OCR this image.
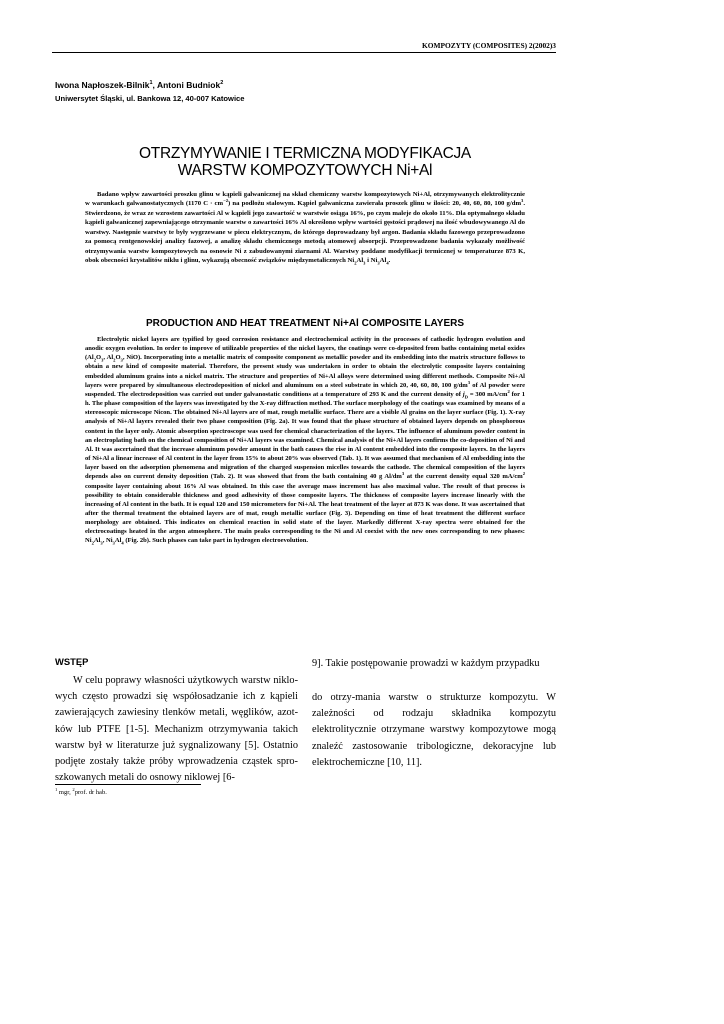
KOMPOZYTY (COMPOSITES) 2(2002)3
Iwona Napłoszek-Bilnik$^1$, Antoni Budniok$^2$
Uniwersytet Śląski, ul. Bankowa 12, 40-007 Katowice
OTRZYMYWANIE I TERMICZNA MODYFIKACJA
WARSTW KOMPOZYTOWYCH Ni+Al

Badano wpływ zawartości proszku glinu w kąpieli galwanicznej na skład chemiczny warstw kompozytowych Ni+Al, otrzymywanych elektrolitycznie w warunkach galwanostatycznych (1170 $C \cdot cm^{-2}$) na podłożu stalowym. Kąpiel galwaniczna zawierała proszek glinu w ilości: 20, 40, 60, 80, 100 $g/dm^3$. Stwierdzono, że wraz ze wzrostem zawartości Al w kąpieli jego zawartość w warstwie osiąga 16%, po czym maleje do około 11%. Dla optymalnego składu kąpieli galwanicznej zapewniającego otrzymanie warstw o zawartości 16% Al określono wpływ wartości gęstości prądowej na ilość wbudowywanego Al do warstwy. Następnie warstwy te były wygrzewane w piecu elektrycznym, do którego doprowadzany był argon. Badania składu fazowego przeprowadzono za pomocą rentgenowskiej analizy fazowej, a analizę składu chemicznego metodą atomowej absorpcji. Przeprowadzone badania wykazały możliwość otrzymywania warstw kompozytowych na osnowie Ni z zabudowanymi ziarnami Al. Warstwy poddane modyfikacji termicznej w temperaturze 873 K, obok obecności krystalitów niklu i glinu, wykazują obecność związków międzymetalicznych $Ni_2Al_3$ i $Ni_3Al_4$.

PRODUCTION AND HEAT TREATMENT Ni+Al COMPOSITE LAYERS

Electrolytic nickel layers are typified by good corrosion resistance and electrochemical activity in the processes of cathodic hydrogen evolution and anodic oxygen evolution. In order to improve of utilizable properties of the nickel layers, the coatings were co-deposited from baths containing metal oxides ($Al_2O_3$, $Al_2O_3$, NiO). Incorporating into a metallic matrix of composite component as metallic powder and its embedding into the matrix structure follows to obtain a new kind of composite material. Therefore, the present study was undertaken in order to obtain the electrolytic composite layers containing embedded aluminum grains into a nickel matrix. The structure and properties of Ni+Al alloys were determined using different methods. Composite Ni+Al layers were prepared by simultaneous electrodeposition of nickel and aluminum on a steel substrate in which 20, 40, 60, 80, 100 $g/dm^3$ of Al powder were suspended. The electrodeposition was carried out under galvanostatic conditions at a temperature of 293 K and the current density of $j_D = 300$ $mA/cm^2$ for 1 h. The phase composition of the layers was investigated by the X-ray diffraction method. The surface morphology of the coatings was examined by means of a stereoscopic microscope Nicon. The obtained Ni+Al layers are of mat, rough metallic surface. There are a visible Al grains on the layer surface (Fig. 1). X-ray analysis of Ni+Al layers revealed their two phase composition (Fig. 2a). It was found that the phase structure of obtained layers depends on phosphorous content in the layer only. Atomic absorption spectroscope was used for chemical characterization of the layers. The influence of aluminum powder content in an electroplating bath on the chemical composition of Ni+Al layers was examined. Chemical analysis of the Ni+Al layers confirms the co-deposition of Ni and Al. It was ascertained that the increase aluminum powder amount in the bath causes the rise in Al content embedded into the composite layers. In the layers of Ni+Al a linear increase of Al content in the layer from 15% to about 20% was observed (Tab. 1). It was assumed that mechanism of Al embedding into the layer based on the adsorption phenomena and migration of the charged suspension micelles towards the cathode. The chemical composition of the layers depends also on current density deposition (Tab. 2). It was showed that from the bath containing 40 g $Al/dm^3$ at the current density equal 320 $mA/cm^2$ composite layer containing about 16% Al was obtained. In this case the average mass increment has also maximal value. The result of that process is possibility to obtain considerable thickness and good adhesivity of those composite layers. The thickness of composite layers increase linearly with the increasing of Al content in the bath. It is equal 120 and 150 micrometers for Ni+Al. The heat treatment of the layer at 873 K was done. It was ascertained that after the thermal treatment the obtained layers are of mat, rough metallic surface (Fig. 3). Depending on time of heat treatment the different surface morphology are obtained. This indicates on chemical reaction in solid state of the layer. Markedly different X-ray spectra were obtained for the electrocoatings heated in the argon atmosphere. The main peaks corresponding to the Ni and Al coexist with the new ones corresponding to new phases: $Ni_2Al_3$, $Ni_3Al_4$ (Fig. 2b). Such phases can take part in hydrogen electroevolution.

WSTĘP

W celu poprawy własności użytkowych warstw niklo- wych często prowadzi się współosadzanie ich z kąpieli zawierających zawiesiny tlenków metali, węglików, azot- ków lub PTFE [1-5]. Mechanizm otrzymywania takich warstw był w literaturze już sygnalizowany [5]. Ostatnio podjęte zostały także próby wprowadzenia cząstek spro-szkowanych metali do osnowy niklowej [6-

9]. Takie postępowanie prowadzi w każdym przypadku

do otrzy-mania warstw o strukturze kompozytu. W zależności od rodzaju składnika kompozytu elektrolitycznie otrzymane warstwy kompozytowe mogą znaleźć zastosowanie tribologiczne, dekoracyjne lub elektrochemiczne [10, 11].

$^1$ mgr, $^2$prof. dr hab.
